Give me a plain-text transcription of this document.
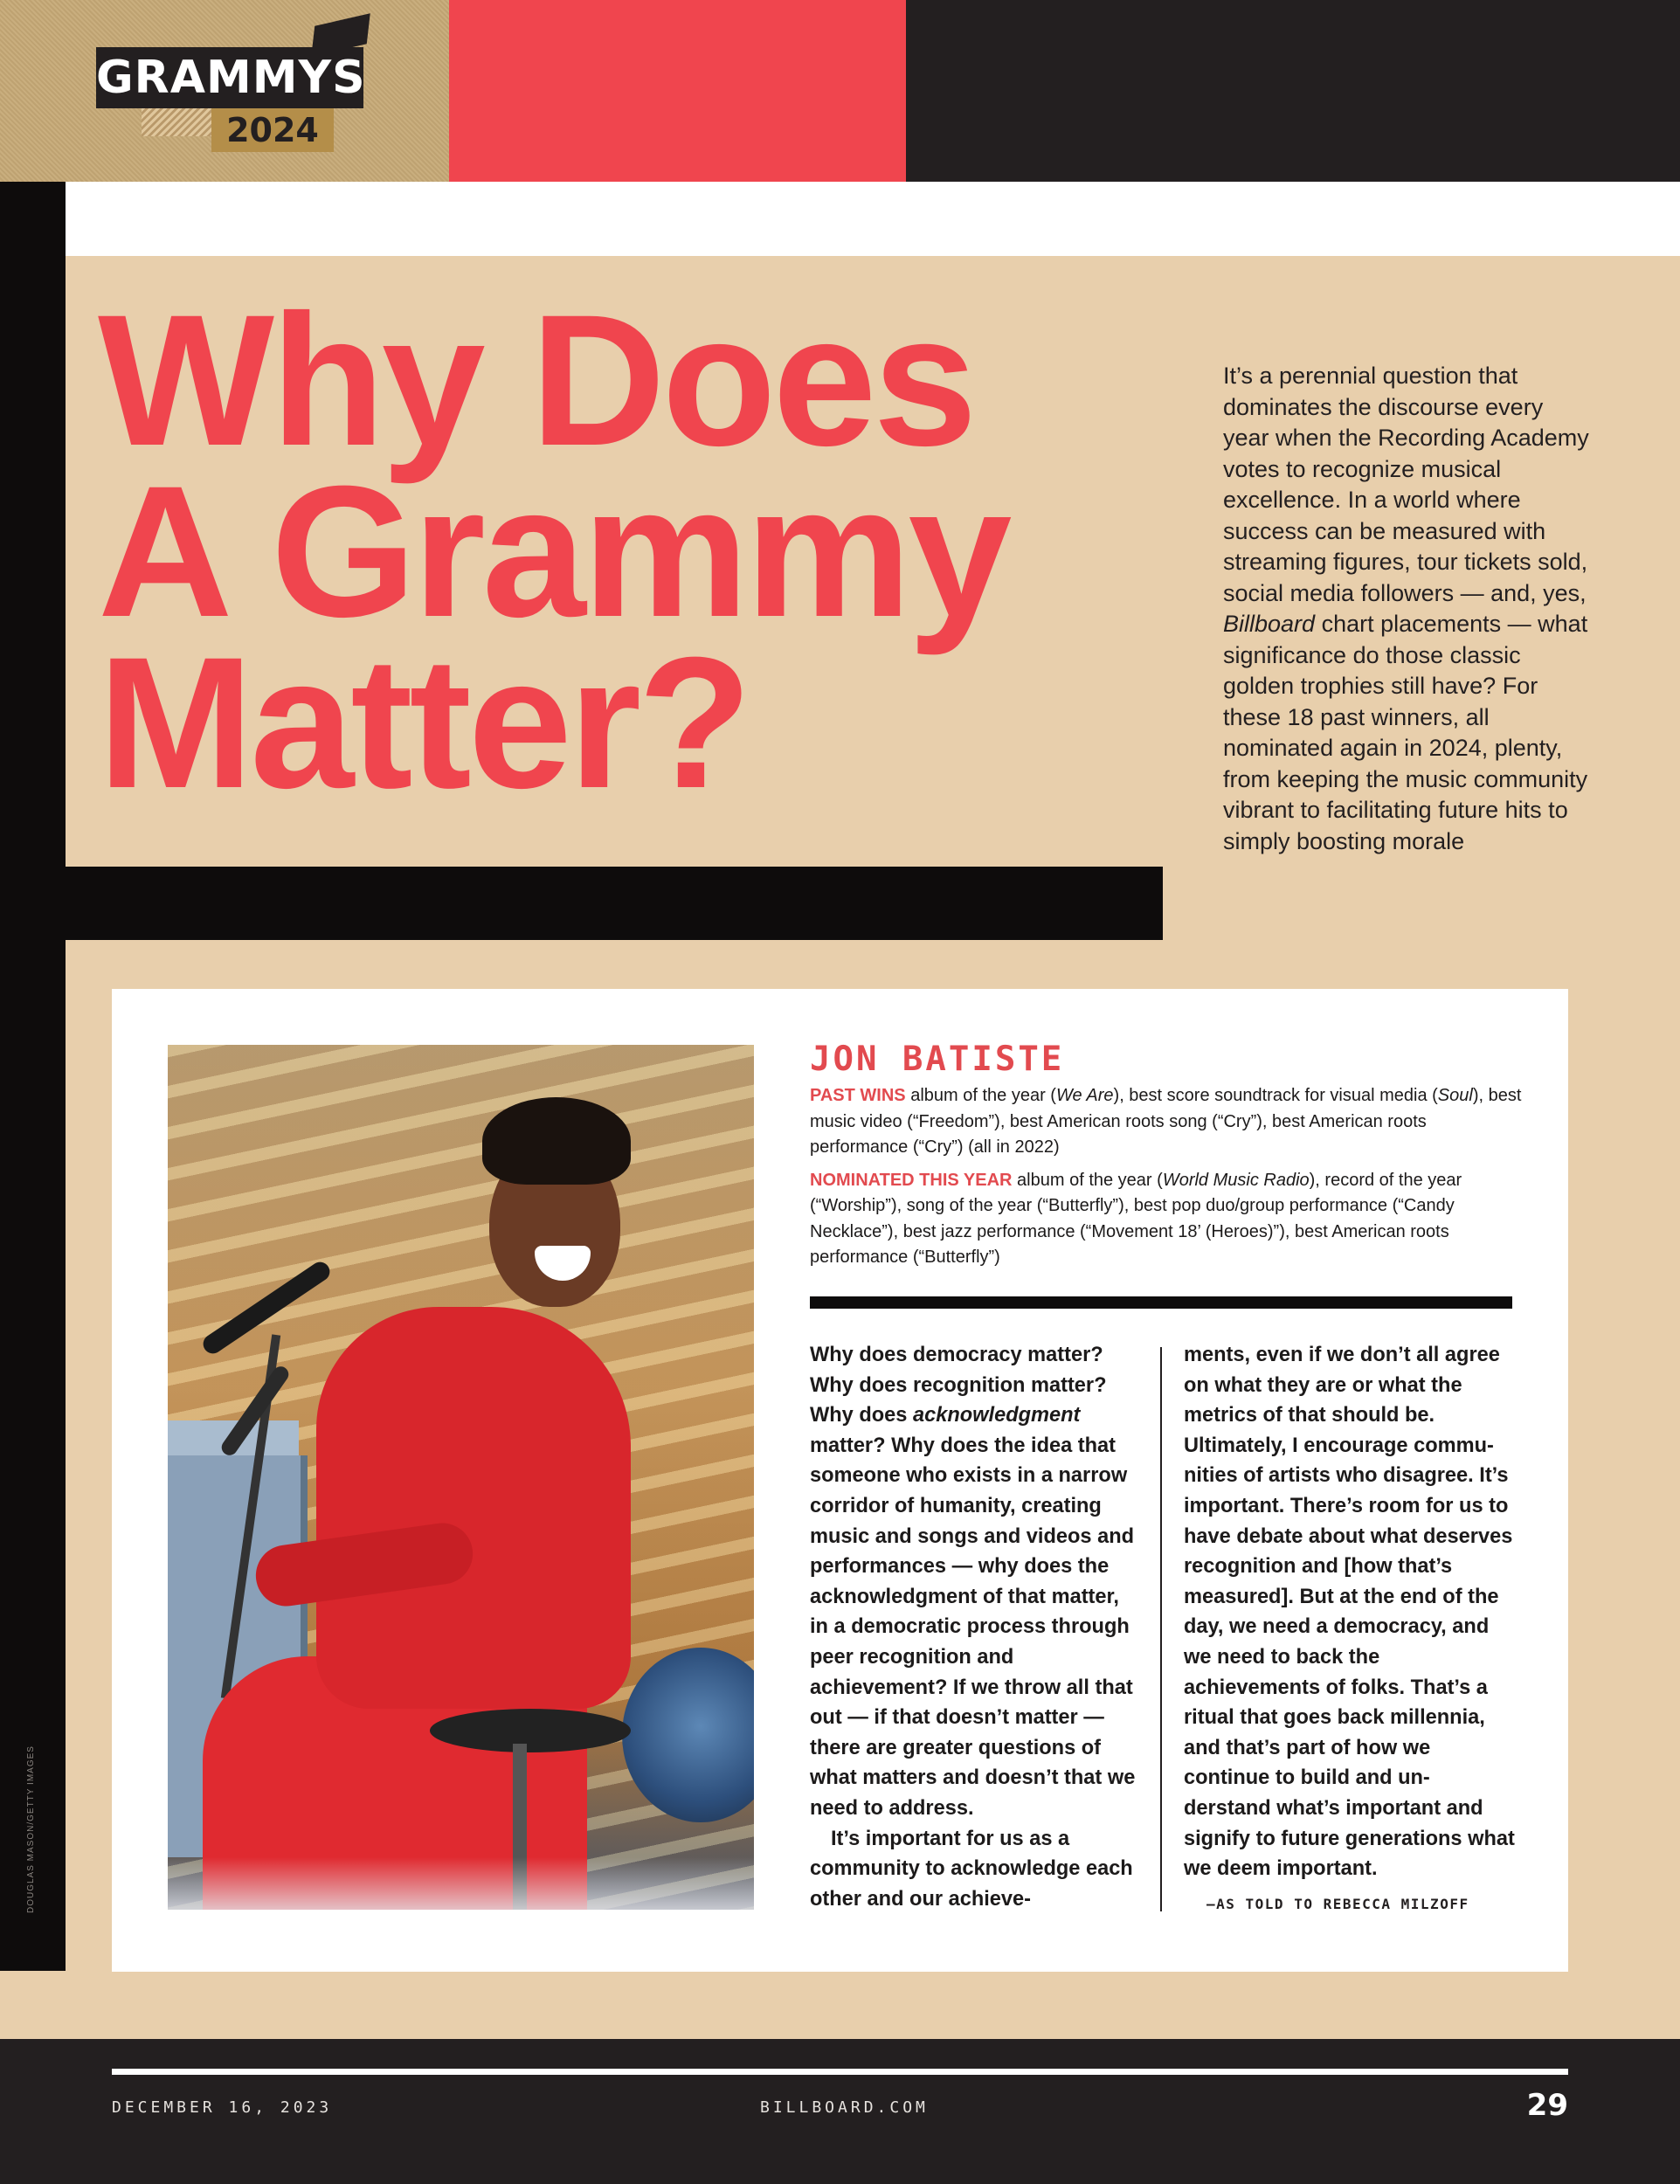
GRAMMYS
2024
DOUGLAS MASON/GETTY IMAGES
Why Does
A Grammy
Matter?

It’s a perennial question that dominates the discourse every year when the Recording Academy votes to recognize musical excellence. In a world where success can be measured with streaming figures, tour tickets sold, social media followers — and, yes, Billboard chart placements — what significance do those classic golden trophies still have? For these 18 past winners, all nominated again in 2024, plenty, from keeping the music community vibrant to facilitating future hits to simply boosting morale

JON BATISTE

PAST WINS album of the year (We Are), best score soundtrack for visual media (Soul), best music video (“Freedom”), best American roots song (“Cry”), best American roots performance (“Cry”) (all in 2022)

NOMINATED THIS YEAR album of the year (World Music Radio), record of the year (“Worship”), song of the year (“Butterfly”), best pop duo/group performance (“Candy Necklace”), best jazz performance (“Movement 18’ (Heroes)”), best American roots performance (“Butterfly”)

Why does democracy matter? Why does recognition matter? Why does acknowledgment matter? Why does the idea that someone who exists in a narrow corridor of humanity, creating music and songs and videos and performances — why does the acknowledgment of that matter, in a democratic process through peer recognition and achievement? If we throw all that out — if that doesn’t matter — there are greater questions of what matters and doesn’t that we need to address.

It’s important for us as a community to acknowledge each other and our achieve-

ments, even if we don’t all agree on what they are or what the metrics of that should be. Ultimately, I encourage commu-nities of artists who disagree. It’s important. There’s room for us to have debate about what deserves recognition and [how that’s measured]. But at the end of the day, we need a democracy, and we need to back the achievements of folks. That’s a ritual that goes back millennia, and that’s part of how we continue to build and un-derstand what’s important and signify to future generations what we deem important.

—AS TOLD TO REBECCA MILZOFF
DECEMBER 16, 2023	BILLBOARD.COM	29
